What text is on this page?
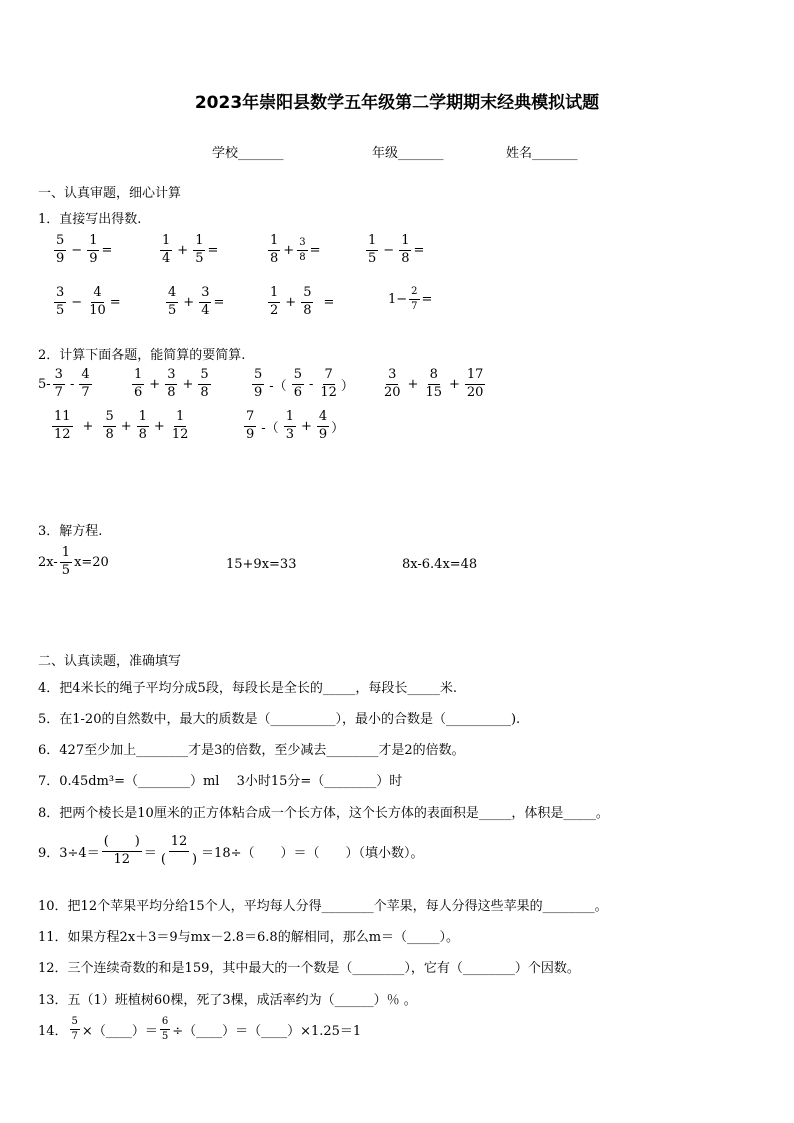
2023年崇阳县数学五年级第二学期期末经典模拟试题
学校_______	年级_______	姓名_______
一、认真审题，细心计算
1．直接写出得数.
$\frac{5}{9} - \frac{1}{9}$ =	$\frac{1}{4} + \frac{1}{5}$ =	$\frac{1}{8} + \frac{3}{8}$ =	$\frac{1}{5} - \frac{1}{8}$ =
$\frac{3}{5} - \frac{4}{10}$ =	$\frac{4}{5} + \frac{3}{4}$ =	$\frac{1}{2} + \frac{5}{8}$ =	$1- \frac{2}{7}$ =
2．计算下面各题，能简算的要简算.
$5- \frac{3}{7} - \frac{4}{7}$	$\frac{1}{6} + \frac{3}{8} + \frac{5}{8}$	$\frac{5}{9}$ -（ $\frac{5}{6} - \frac{7}{12}$ ） $\frac{3}{20} + \frac{8}{15} + \frac{17}{20}$
$\frac{11}{12} + \frac{5}{8} + \frac{1}{8} + \frac{1}{12}$	$\frac{7}{9}$ -（ $\frac{1}{3} + \frac{4}{9}$ ）
3．解方程.
$2x- \frac{1}{5} x=20$	15+9x=33	8x-6.4x=48
二、认真读题，准确填写
4．把4米长的绳子平均分成5段，每段长是全长的_____，每段长_____米.
5．在1-20的自然数中，最大的质数是（__________），最小的合数是（__________).
6．427至少加上________才是3的倍数，至少减去________才是2的倍数。
7．0.45dm³=（________）ml　 3小时15分=（________）时
8．把两个棱长是10厘米的正方体粘合成一个长方体，这个长方体的表面积是_____，体积是_____。
9．$3\div 4= \frac{( )}{12} = \frac{12}{( )} =18\div$（　　）＝（　　）（填小数）。
10．把12个苹果平均分给15个人，平均每人分得________个苹果，每人分得这些苹果的________。
11．如果方程2x＋3＝9与mx－2.8＝6.8的解相同，那么m＝（_____）。
12．三个连续奇数的和是159，其中最大的一个数是（________），它有（________）个因数。
13．五（1）班植树60棵，死了3棵，成活率约为（______）％ 。
14． $\frac{5}{7}$ ×（____）＝ $\frac{6}{5}$ ÷（____）＝（____）×1.25＝1
